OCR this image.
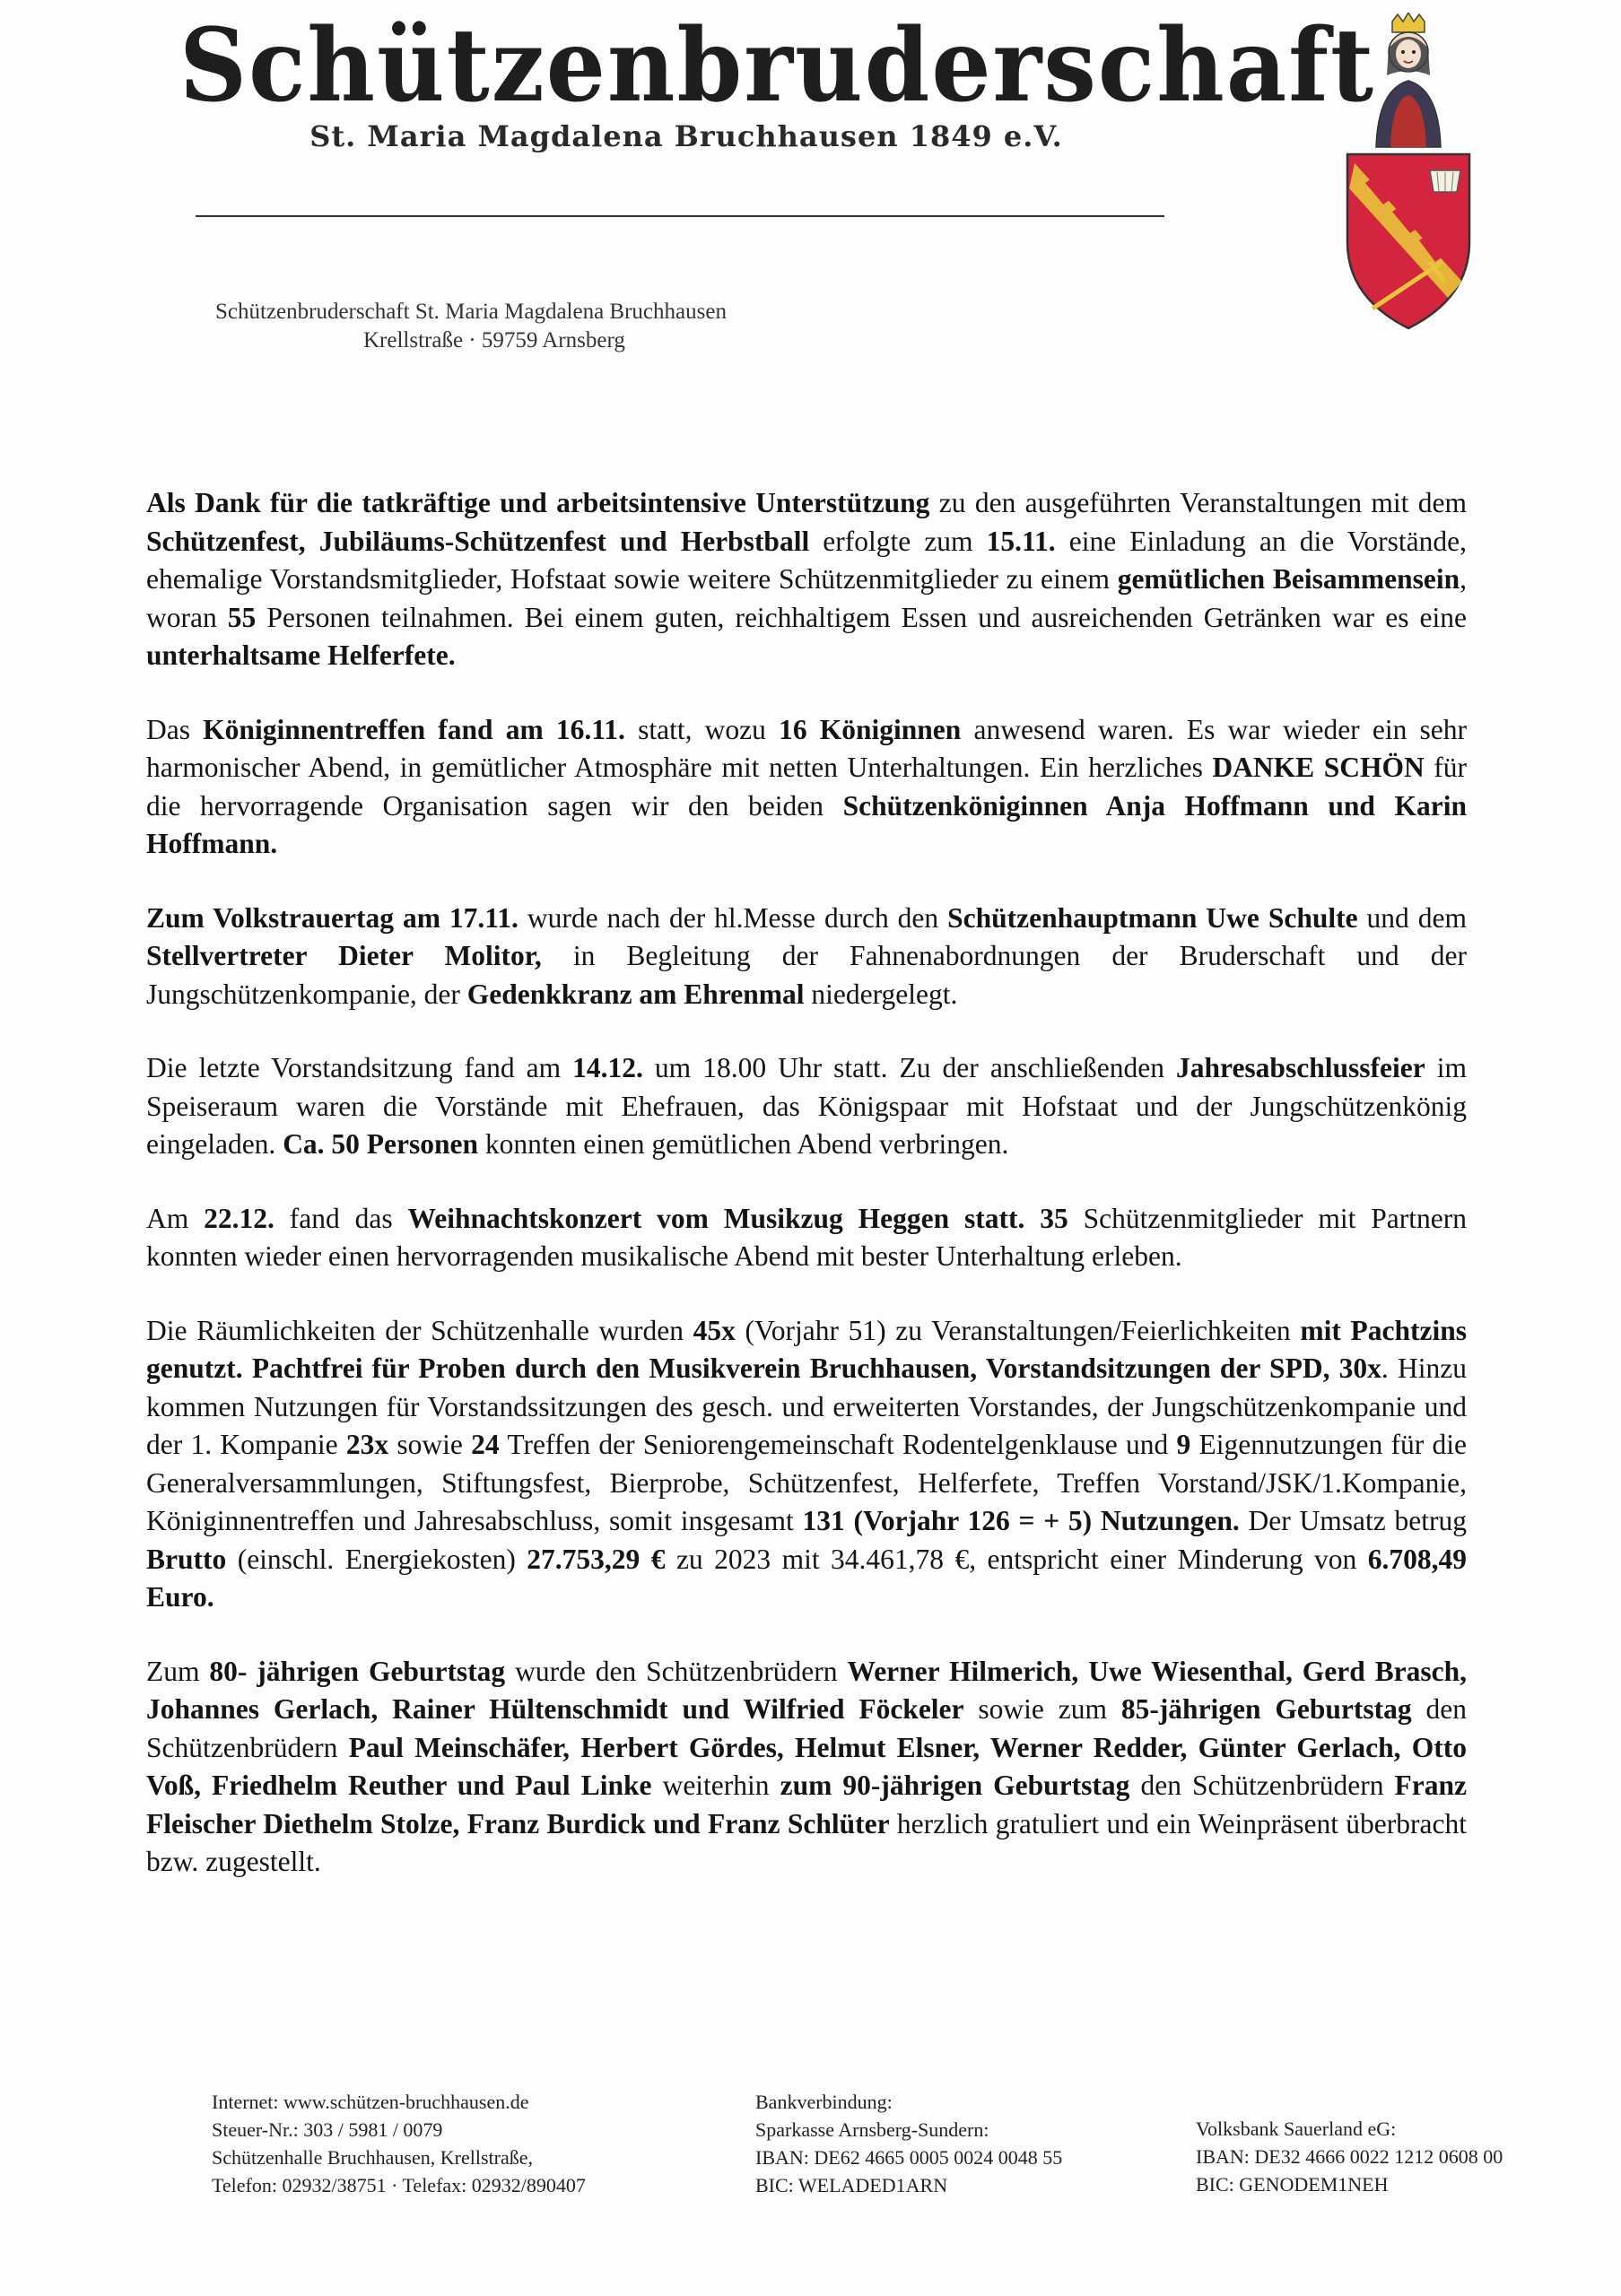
Schützenbruderschaft
St. Maria Magdalena Bruchhausen 1849 e.V.
Schützenbruderschaft St. Maria Magdalena Bruchhausen
Krellstraße · 59759 Arnsberg

Als Dank für die tatkräftige und arbeitsintensive Unterstützung zu den ausgeführten Veranstaltungen mit dem Schützenfest, Jubiläums-Schützenfest und Herbstball erfolgte zum 15.11. eine Einladung an die Vorstände, ehemalige Vorstandsmitglieder, Hofstaat sowie weitere Schützenmitglieder zu einem gemütlichen Beisammensein, woran 55 Personen teilnahmen. Bei einem guten, reichhaltigem Essen und ausreichenden Getränken war es eine unterhaltsame Helferfete.

Das Königinnentreffen fand am 16.11. statt, wozu 16 Königinnen anwesend waren. Es war wieder ein sehr harmonischer Abend, in gemütlicher Atmosphäre mit netten Unterhaltungen. Ein herzliches DANKE SCHÖN für die hervorragende Organisation sagen wir den beiden Schützenköniginnen Anja Hoffmann und Karin Hoffmann.

Zum Volkstrauertag am 17.11. wurde nach der hl.Messe durch den Schützenhauptmann Uwe Schulte und dem Stellvertreter Dieter Molitor, in Begleitung der Fahnenabordnungen der Bruderschaft und der Jungschützenkompanie, der Gedenkkranz am Ehrenmal niedergelegt.

Die letzte Vorstandsitzung fand am 14.12. um 18.00 Uhr statt. Zu der anschließenden Jahresabschlussfeier im Speiseraum waren die Vorstände mit Ehefrauen, das Königspaar mit Hofstaat und der Jungschützenkönig eingeladen. Ca. 50 Personen konnten einen gemütlichen Abend verbringen.

Am 22.12. fand das Weihnachtskonzert vom Musikzug Heggen statt. 35 Schützenmitglieder mit Partnern konnten wieder einen hervorragenden musikalische Abend mit bester Unterhaltung erleben.

Die Räumlichkeiten der Schützenhalle wurden 45x (Vorjahr 51) zu Veranstaltungen/Feierlichkeiten mit Pachtzins genutzt. Pachtfrei für Proben durch den Musikverein Bruchhausen, Vorstandsitzungen der SPD, 30x. Hinzu kommen Nutzungen für Vorstandssitzungen des gesch. und erweiterten Vorstandes, der Jungschützenkompanie und der 1. Kompanie 23x sowie 24 Treffen der Seniorengemeinschaft Rodentelgenklause und 9 Eigennutzungen für die Generalversammlungen, Stiftungsfest, Bierprobe, Schützenfest, Helferfete, Treffen Vorstand/JSK/1.Kompanie, Königinnentreffen und Jahresabschluss, somit insgesamt 131 (Vorjahr 126 = + 5) Nutzungen. Der Umsatz betrug Brutto (einschl. Energiekosten) 27.753,29 € zu 2023 mit 34.461,78 €, entspricht einer Minderung von 6.708,49 Euro.

Zum 80- jährigen Geburtstag wurde den Schützenbrüdern Werner Hilmerich, Uwe Wiesenthal, Gerd Brasch, Johannes Gerlach, Rainer Hültenschmidt und Wilfried Föckeler sowie zum 85-jährigen Geburtstag den Schützenbrüdern Paul Meinschäfer, Herbert Gördes, Helmut Elsner, Werner Redder, Günter Gerlach, Otto Voß, Friedhelm Reuther und Paul Linke weiterhin zum 90-jährigen Geburtstag den Schützenbrüdern Franz Fleischer Diethelm Stolze, Franz Burdick und Franz Schlüter herzlich gratuliert und ein Weinpräsent überbracht bzw. zugestellt.

Internet: www.schützen-bruchhausen.de
Steuer-Nr.: 303 / 5981 / 0079
Schützenhalle Bruchhausen, Krellstraße,
Telefon: 02932/38751 · Telefax: 02932/890407
Bankverbindung:
Sparkasse Arnsberg-Sundern:
IBAN: DE62 4665 0005 0024 0048 55
BIC: WELADED1ARN
Volksbank Sauerland eG:
IBAN: DE32 4666 0022 1212 0608 00
BIC: GENODEM1NEH
